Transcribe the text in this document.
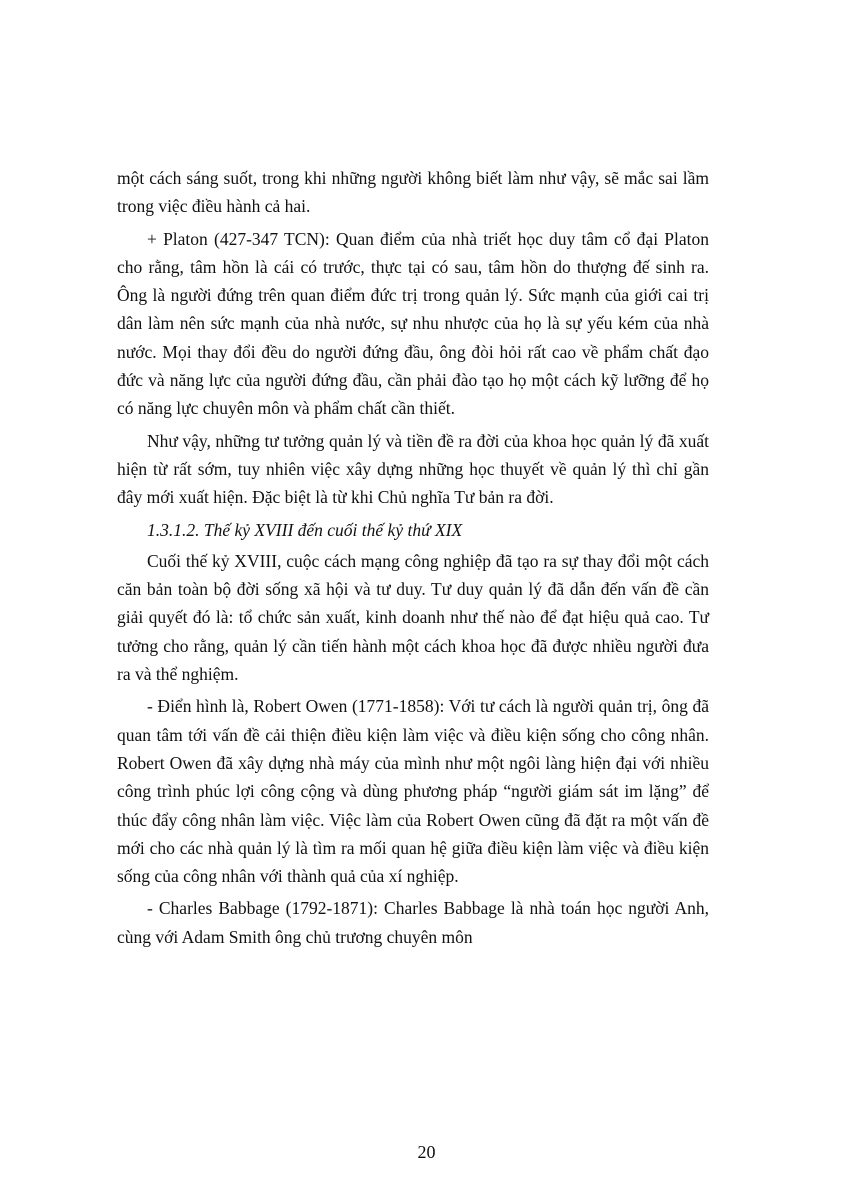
một cách sáng suốt, trong khi những người không biết làm như vậy, sẽ mắc sai lầm trong việc điều hành cả hai.

+ Platon (427-347 TCN): Quan điểm của nhà triết học duy tâm cổ đại Platon cho rằng, tâm hồn là cái có trước, thực tại có sau, tâm hồn do thượng đế sinh ra. Ông là người đứng trên quan điểm đức trị trong quản lý. Sức mạnh của giới cai trị dân làm nên sức mạnh của nhà nước, sự nhu nhược của họ là sự yếu kém của nhà nước. Mọi thay đổi đều do người đứng đầu, ông đòi hỏi rất cao về phẩm chất đạo đức và năng lực của người đứng đầu, cần phải đào tạo họ một cách kỹ lưỡng để họ có năng lực chuyên môn và phẩm chất cần thiết.

Như vậy, những tư tưởng quản lý và tiền đề ra đời của khoa học quản lý đã xuất hiện từ rất sớm, tuy nhiên việc xây dựng những học thuyết về quản lý thì chỉ gần đây mới xuất hiện. Đặc biệt là từ khi Chủ nghĩa Tư bản ra đời.

1.3.1.2. Thế kỷ XVIII đến cuối thế kỷ thứ XIX

Cuối thế kỷ XVIII, cuộc cách mạng công nghiệp đã tạo ra sự thay đổi một cách căn bản toàn bộ đời sống xã hội và tư duy. Tư duy quản lý đã dẫn đến vấn đề cần giải quyết đó là: tổ chức sản xuất, kinh doanh như thế nào để đạt hiệu quả cao. Tư tưởng cho rằng, quản lý cần tiến hành một cách khoa học đã được nhiều người đưa ra và thể nghiệm.

- Điển hình là, Robert Owen (1771-1858): Với tư cách là người quản trị, ông đã quan tâm tới vấn đề cải thiện điều kiện làm việc và điều kiện sống cho công nhân. Robert Owen đã xây dựng nhà máy của mình như một ngôi làng hiện đại với nhiều công trình phúc lợi công cộng và dùng phương pháp “người giám sát im lặng” để thúc đẩy công nhân làm việc. Việc làm của Robert Owen cũng đã đặt ra một vấn đề mới cho các nhà quản lý là tìm ra mối quan hệ giữa điều kiện làm việc và điều kiện sống của công nhân với thành quả của xí nghiệp.

- Charles Babbage (1792-1871): Charles Babbage là nhà toán học người Anh, cùng với Adam Smith ông chủ trương chuyên môn

20
